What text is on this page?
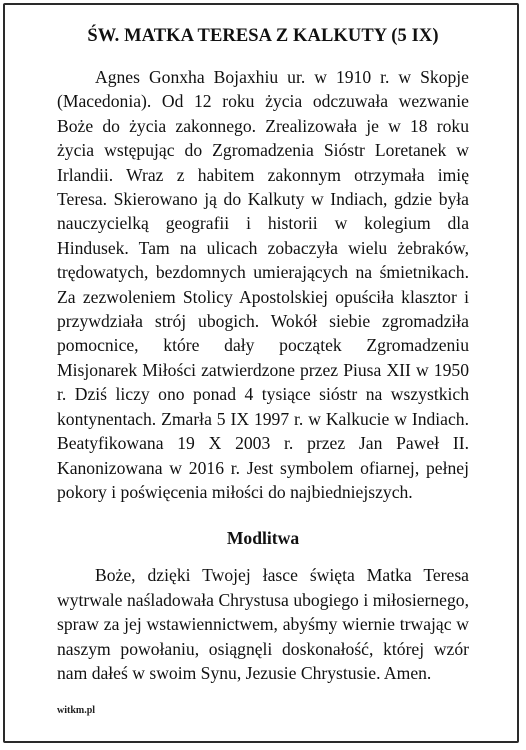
ŚW. MATKA TERESA Z KALKUTY (5 IX)

Agnes Gonxha Bojaxhiu ur. w 1910 r. w Skopje (Macedonia). Od 12 roku życia odczuwała wezwanie Boże do życia zakonnego. Zrealizowała je w 18 roku życia wstępując do Zgromadzenia Sióstr Loretanek w Irlandii. Wraz z habitem zakonnym otrzymała imię Teresa. Skierowano ją do Kalkuty w Indiach, gdzie była nauczycielką geografii i historii w kolegium dla Hindusek. Tam na ulicach zobaczyła wielu żebraków, trędowatych, bezdomnych umierających na śmietnikach. Za zezwoleniem Stolicy Apostolskiej opuściła klasztor i przywdziała strój ubogich. Wokół siebie zgromadziła pomocnice, które dały początek Zgromadzeniu Misjonarek Miłości zatwierdzone przez Piusa XII w 1950 r. Dziś liczy ono ponad 4 tysiące sióstr na wszystkich kontynentach. Zmarła 5 IX 1997 r. w Kalkucie w Indiach. Beatyfikowana 19 X 2003 r. przez Jan Paweł II. Kanonizowana w 2016 r. Jest symbolem ofiarnej, pełnej pokory i poświęcenia miłości do najbiedniejszych.

Modlitwa

Boże, dzięki Twojej łasce święta Matka Teresa wytrwale naśladowała Chrystusa ubogiego i miłosiernego, spraw za jej wstawiennictwem, abyśmy wiernie trwając w naszym powołaniu, osiągnęli doskonałość, której wzór nam dałeś w swoim Synu, Jezusie Chrystusie. Amen.

witkm.pl
